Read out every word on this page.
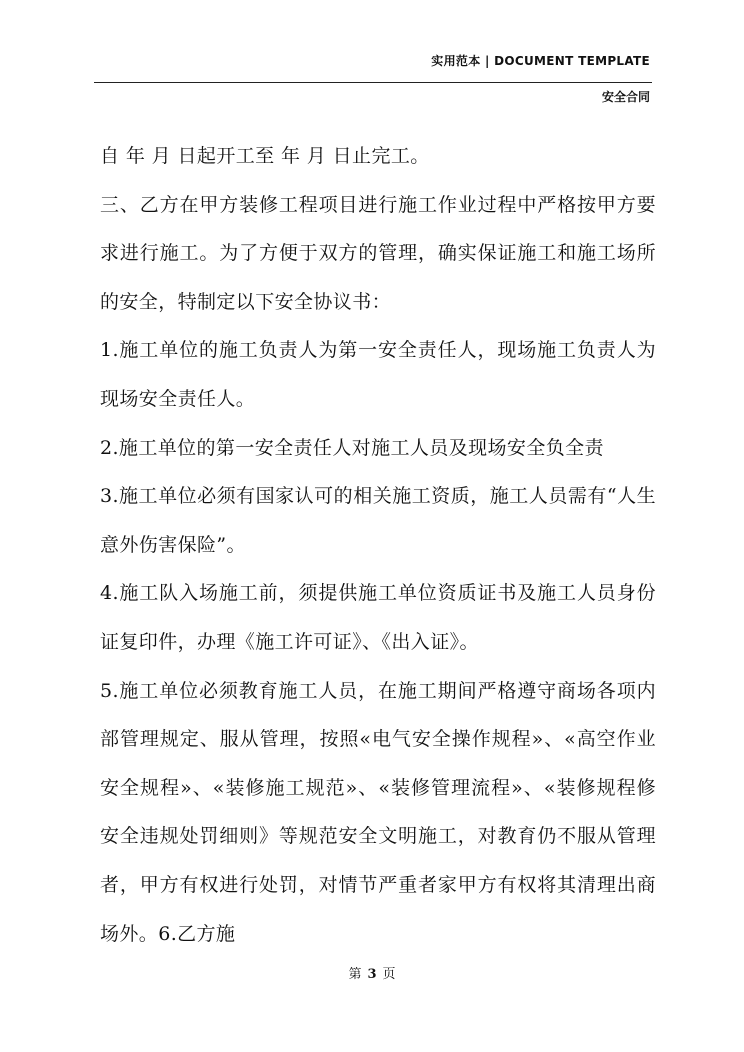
实用范本 | DOCUMENT TEMPLATE
安全合同

自 年 月 日起开工至 年 月 日止完工。

三、乙方在甲方装修工程项目进行施工作业过程中严格按甲方要求进行施工。为了方便于双方的管理，确实保证施工和施工场所的安全，特制定以下安全协议书：

1.施工单位的施工负责人为第一安全责任人，现场施工负责人为现场安全责任人。

2.施工单位的第一安全责任人对施工人员及现场安全负全责

3.施工单位必须有国家认可的相关施工资质，施工人员需有“人生意外伤害保险”。

4.施工队入场施工前，须提供施工单位资质证书及施工人员身份证复印件，办理《施工许可证》、《出入证》。

5.施工单位必须教育施工人员，在施工期间严格遵守商场各项内部管理规定、服从管理，按照«电气安全操作规程»、«高空作业安全规程»、«装修施工规范»、«装修管理流程»、«装修规程修安全违规处罚细则》等规范安全文明施工，对教育仍不服从管理者，甲方有权进行处罚，对情节严重者家甲方有权将其清理出商场外。6.乙方施

第 3 页
